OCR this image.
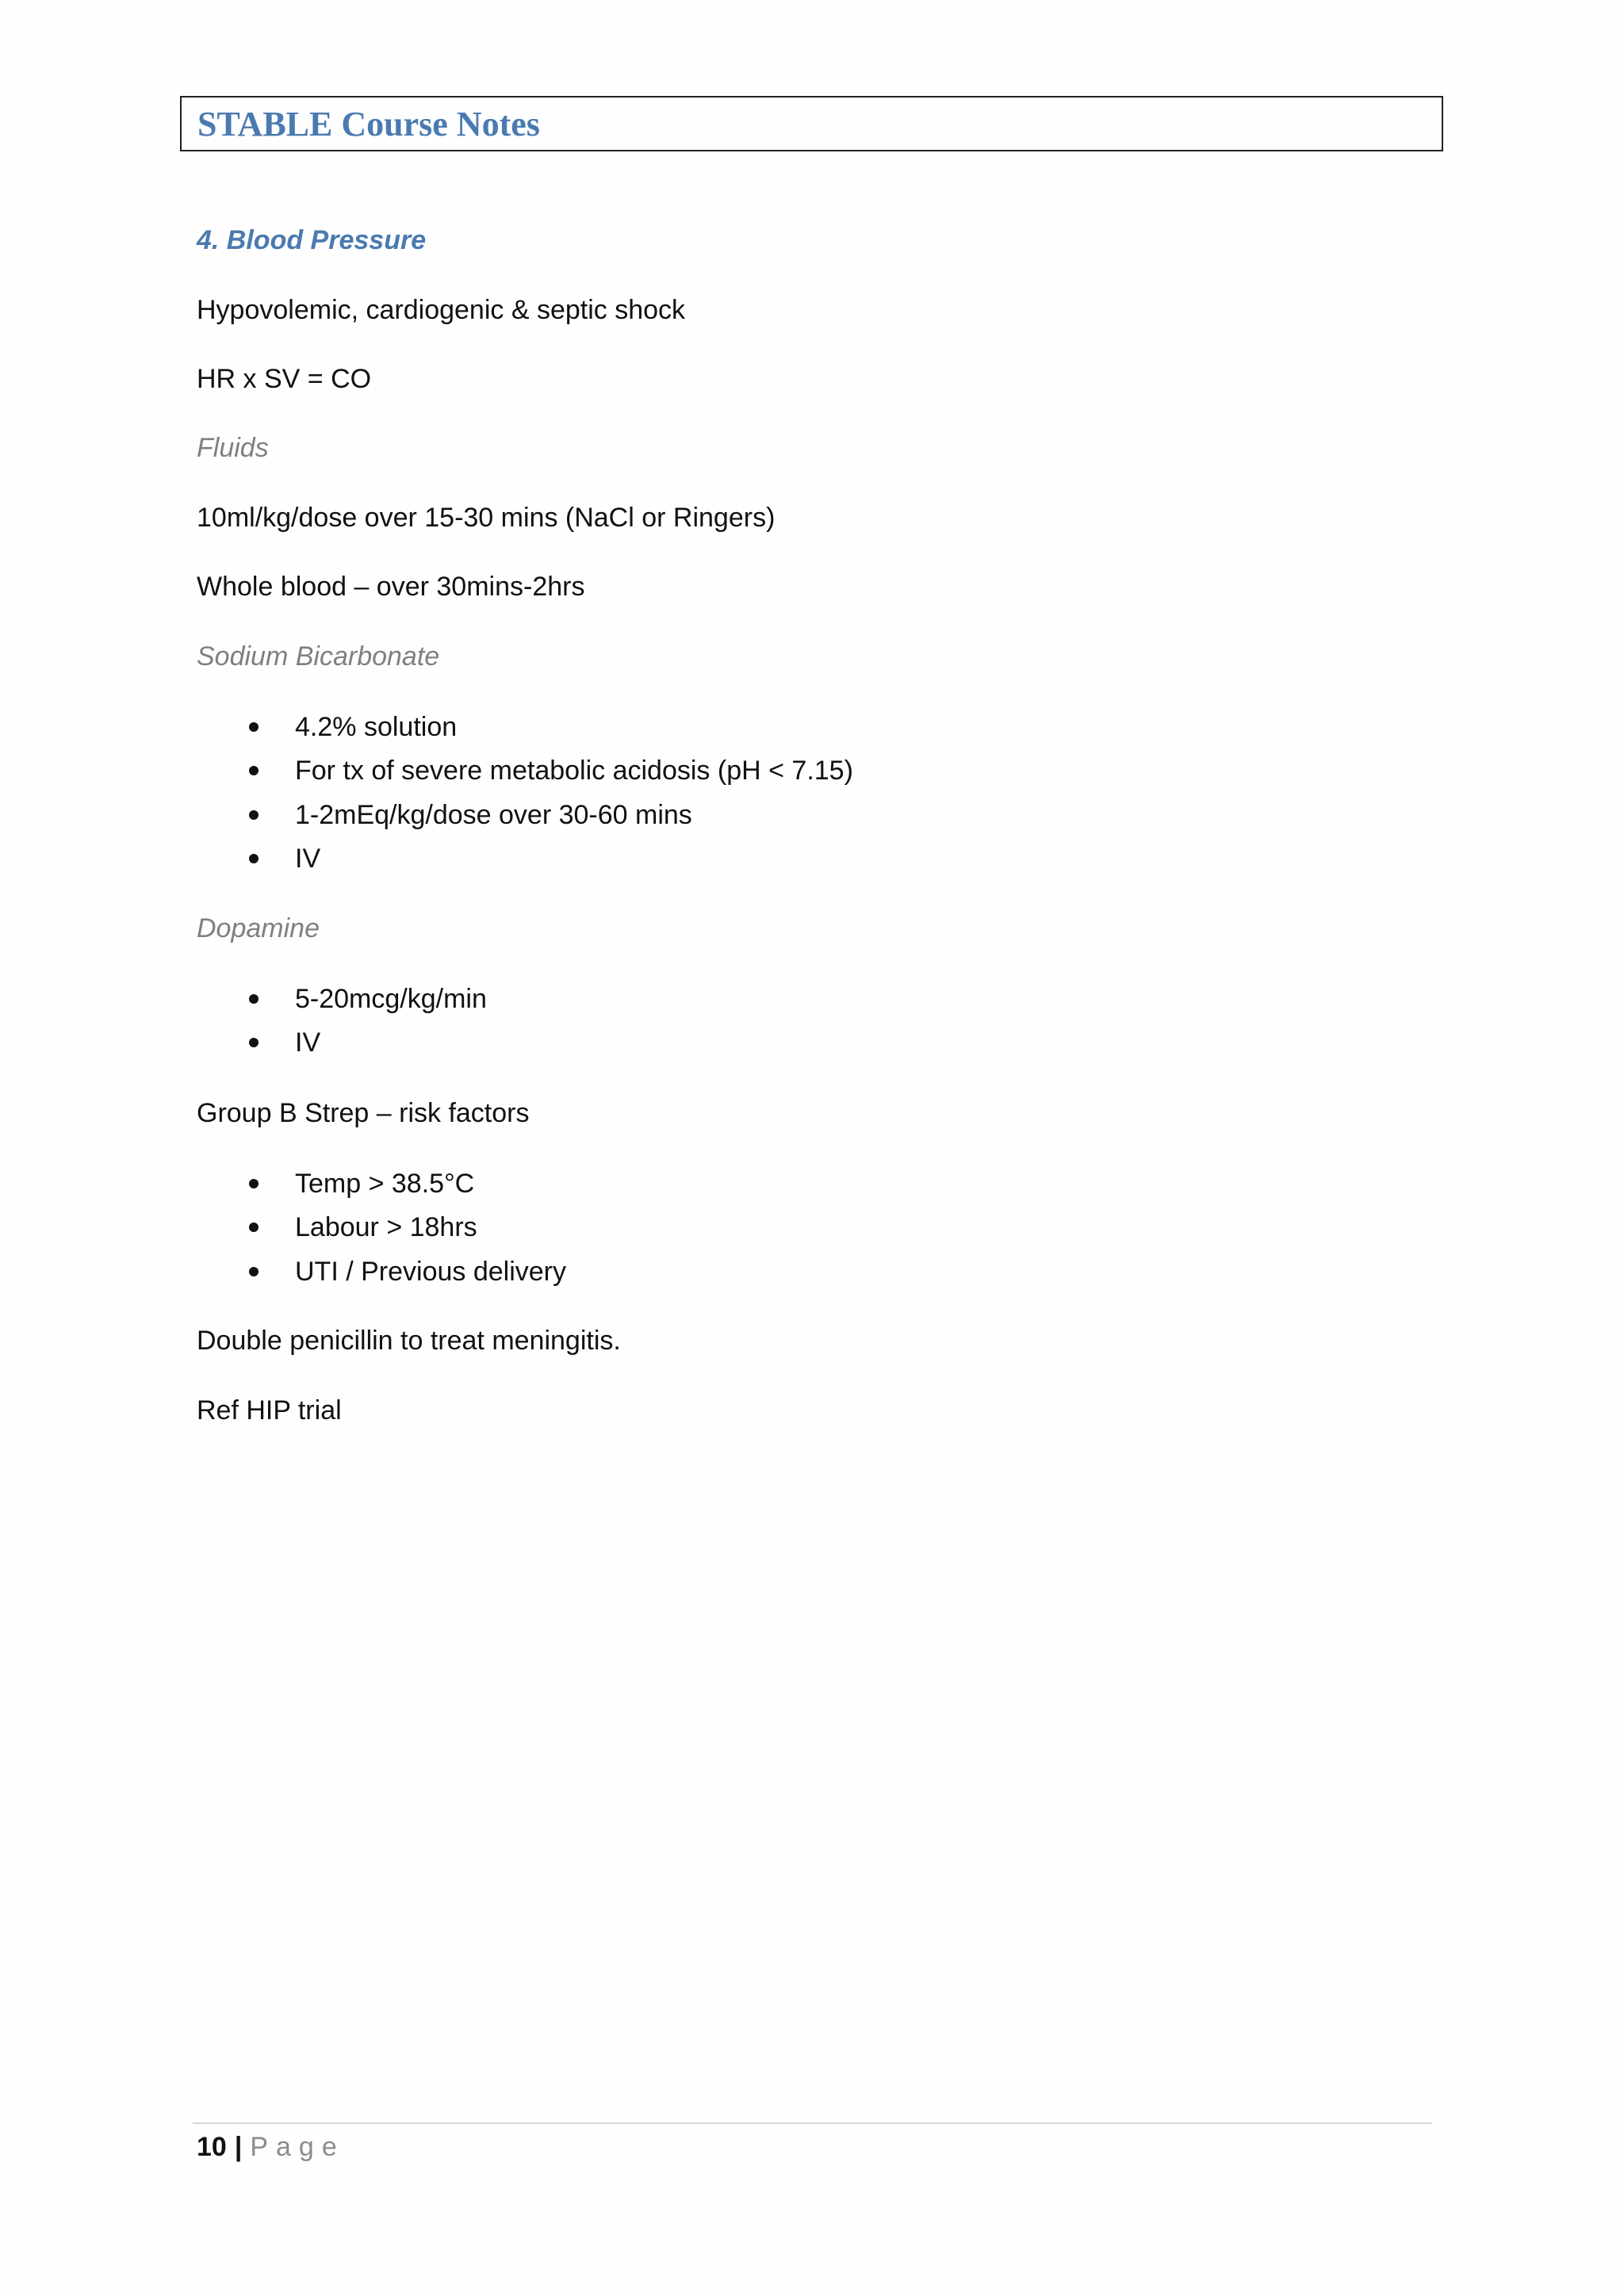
STABLE Course Notes
4. Blood Pressure
Hypovolemic, cardiogenic & septic shock
HR x SV = CO
Fluids
10ml/kg/dose over 15-30 mins (NaCl or Ringers)
Whole blood – over 30mins-2hrs
Sodium Bicarbonate
4.2% solution
For tx of severe metabolic acidosis (pH < 7.15)
1-2mEq/kg/dose over 30-60 mins
IV
Dopamine
5-20mcg/kg/min
IV
Group B Strep – risk factors
Temp > 38.5°C
Labour > 18hrs
UTI / Previous delivery
Double penicillin to treat meningitis.
Ref HIP trial
10 | Page
